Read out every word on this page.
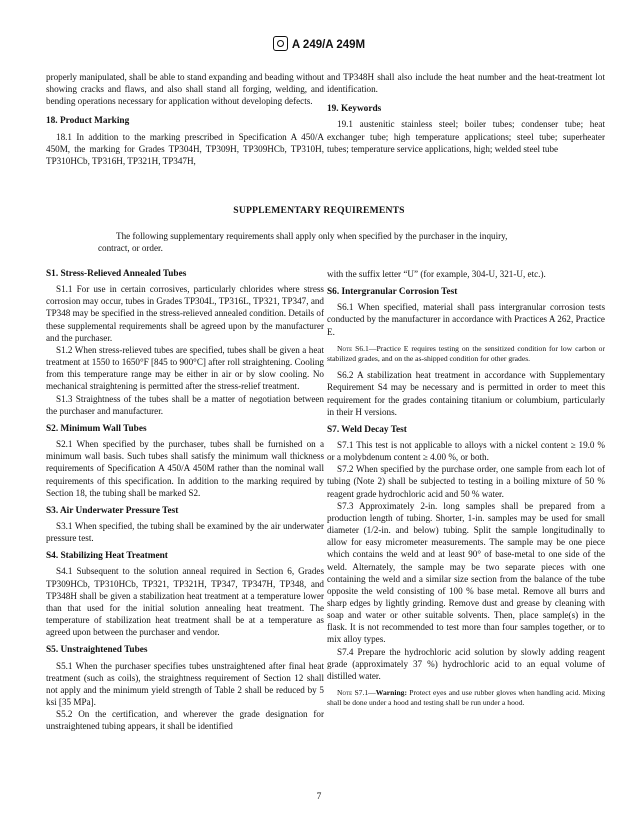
A 249/A 249M

properly manipulated, shall be able to stand expanding and beading without showing cracks and flaws, and also shall stand all forging, welding, and bending operations necessary for application without developing defects.

18. Product Marking

18.1 In addition to the marking prescribed in Specification A 450/A 450M, the marking for Grades TP304H, TP309H, TP309HCb, TP310H, TP310HCb, TP316H, TP321H, TP347H,

and TP348H shall also include the heat number and the heat-treatment lot identification.

19. Keywords

19.1 austenitic stainless steel; boiler tubes; condenser tube; heat exchanger tube; high temperature applications; steel tube; superheater tubes; temperature service applications, high; welded steel tube

SUPPLEMENTARY REQUIREMENTS

The following supplementary requirements shall apply only when specified by the purchaser in the inquiry, contract, or order.

S1. Stress-Relieved Annealed Tubes

S1.1 For use in certain corrosives, particularly chlorides where stress corrosion may occur, tubes in Grades TP304L, TP316L, TP321, TP347, and TP348 may be specified in the stress-relieved annealed condition. Details of these supplemental requirements shall be agreed upon by the manufacturer and the purchaser.

S1.2 When stress-relieved tubes are specified, tubes shall be given a heat treatment at 1550 to 1650°F [845 to 900°C] after roll straightening. Cooling from this temperature range may be either in air or by slow cooling. No mechanical straightening is permitted after the stress-relief treatment.

S1.3 Straightness of the tubes shall be a matter of negotiation between the purchaser and manufacturer.

S2. Minimum Wall Tubes

S2.1 When specified by the purchaser, tubes shall be furnished on a minimum wall basis. Such tubes shall satisfy the minimum wall thickness requirements of Specification A 450/A 450M rather than the nominal wall requirements of this specification. In addition to the marking required by Section 18, the tubing shall be marked S2.

S3. Air Underwater Pressure Test

S3.1 When specified, the tubing shall be examined by the air underwater pressure test.

S4. Stabilizing Heat Treatment

S4.1 Subsequent to the solution anneal required in Section 6, Grades TP309HCb, TP310HCb, TP321, TP321H, TP347, TP347H, TP348, and TP348H shall be given a stabilization heat treatment at a temperature lower than that used for the initial solution annealing heat treatment. The temperature of stabilization heat treatment shall be at a temperature as agreed upon between the purchaser and vendor.

S5. Unstraightened Tubes

S5.1 When the purchaser specifies tubes unstraightened after final heat treatment (such as coils), the straightness requirement of Section 12 shall not apply and the minimum yield strength of Table 2 shall be reduced by 5 ksi [35 MPa].

S5.2 On the certification, and wherever the grade designation for unstraightened tubing appears, it shall be identified

with the suffix letter “U” (for example, 304-U, 321-U, etc.).

S6. Intergranular Corrosion Test

S6.1 When specified, material shall pass intergranular corrosion tests conducted by the manufacturer in accordance with Practices A 262, Practice E.

Note S6.1—Practice E requires testing on the sensitized condition for low carbon or stabilized grades, and on the as-shipped condition for other grades.

S6.2 A stabilization heat treatment in accordance with Supplementary Requirement S4 may be necessary and is permitted in order to meet this requirement for the grades containing titanium or columbium, particularly in their H versions.

S7. Weld Decay Test

S7.1 This test is not applicable to alloys with a nickel content ≥ 19.0 % or a molybdenum content ≥ 4.00 %, or both.

S7.2 When specified by the purchase order, one sample from each lot of tubing (Note 2) shall be subjected to testing in a boiling mixture of 50 % reagent grade hydrochloric acid and 50 % water.

S7.3 Approximately 2-in. long samples shall be prepared from a production length of tubing. Shorter, 1-in. samples may be used for small diameter (1/2-in. and below) tubing. Split the sample longitudinally to allow for easy micrometer measurements. The sample may be one piece which contains the weld and at least 90° of base-metal to one side of the weld. Alternately, the sample may be two separate pieces with one containing the weld and a similar size section from the balance of the tube opposite the weld consisting of 100 % base metal. Remove all burrs and sharp edges by lightly grinding. Remove dust and grease by cleaning with soap and water or other suitable solvents. Then, place sample(s) in the flask. It is not recommended to test more than four samples together, or to mix alloy types.

S7.4 Prepare the hydrochloric acid solution by slowly adding reagent grade (approximately 37 %) hydrochloric acid to an equal volume of distilled water.

Note S7.1—Warning: Protect eyes and use rubber gloves when handling acid. Mixing shall be done under a hood and testing shall be run under a hood.

7
